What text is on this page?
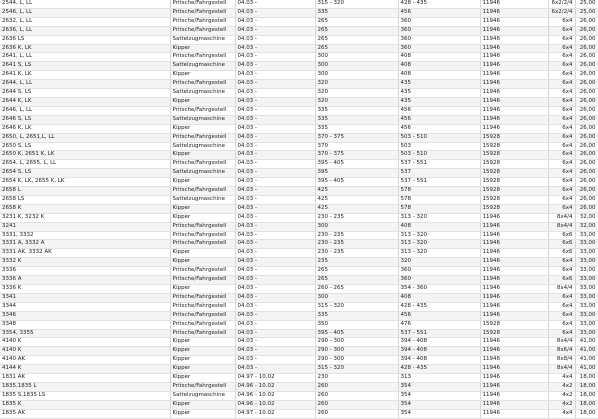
2544, L, LL	Pritsche/Fahrgestell	04.03 -	315 - 320	428 - 435	11946	6x2/2/4	25,00
2546, L, LL	Pritsche/Fahrgestell	04.03 -	335	456	11946	6x2/2/4	25,00
2632, L, LL	Pritsche/Fahrgestell	04.03 -	265	360	11946	6x4	26,00
2636, L, LL	Pritsche/Fahrgestell	04.03 -	265	360	11946	6x4	26,00
2636 LS	Sattelzugmaschine	04.03 -	265	360	11946	6x4	26,00
2636 K, LK	Kipper	04.03 -	265	360	11946	6x4	26,00
2641, L, LL	Pritsche/Fahrgestell	04.03 -	300	408	11946	6x4	26,00
2641 S, LS	Sattelzugmaschine	04.03 -	300	408	11946	6x4	26,00
2641 K, LK	Kipper	04.03 -	300	408	11946	6x4	26,00
2644, L, LL	Pritsche/Fahrgestell	04.03 -	320	435	11946	6x4	26,00
2644 S, LS	Sattelzugmaschine	04.03 -	320	435	11946	6x4	26,00
2644 K, LK	Kipper	04.03 -	320	435	11946	6x4	26,00
2646, L, LL	Pritsche/Fahrgestell	04.03 -	335	456	11946	6x4	26,00
2646 S, LS	Sattelzugmaschine	04.03 -	335	456	11946	6x4	26,00
2646 K, LK	Kipper	04.03 -	335	456	11946	6x4	26,00
2650, L, 2651,L, LL	Pritsche/Fahrgestell	04.03 -	370 - 375	503 - 510	15928	6x4	26,00
2650 S, LS	Sattelzugmaschine	04.03 -	370	503	15928	6x4	26,00
2650 K, 2651 K, LK	Kipper	04.03 -	370 - 375	503 - 510	15928	6x4	26,00
2654, L, 2655, L, LL	Pritsche/Fahrgestell	04.03 -	395 - 405	537 - 551	15928	6x4	26,00
2654 S, LS	Sattelzugmaschine	04.03 -	395	537	15928	6x4	26,00
2654 K, LK, 2655 K, LK	Kipper	04.03 -	395 - 405	537 - 551	15928	6x4	26,00
2658 L	Pritsche/Fahrgestell	04.03 -	425	578	15928	6x4	26,00
2658 LS	Sattelzugmaschine	04.03 -	425	578	15928	6x4	26,00
2658 K	Kipper	04.03 -	425	578	15928	6x4	26,00
3231 K, 3232 K	Kipper	04.03 -	230 - 235	313 - 320	11946	8x4/4	32,00
3241	Pritsche/Fahrgestell	04.03 -	300	408	11946	8x4/4	32,00
3331, 3332	Pritsche/Fahrgestell	04.03 -	230 - 235	313 - 320	11946	6x6	33,00
3331 A, 3332 A	Pritsche/Fahrgestell	04.03 -	230 - 235	313 - 320	11946	6x6	33,00
3331 AK, 3332 AK	Kipper	04.03 -	230 - 235	313 - 320	11946	6x6	33,00
3332 K	Kipper	04.03 -	235	320	11946	6x4	33,00
3336	Pritsche/Fahrgestell	04.03 -	265	360	11946	6x4	33,00
3336 A	Pritsche/Fahrgestell	04.03 -	265	360	11946	6x6	33,00
3336 K	Kipper	04.03 -	260 - 265	354 - 360	11946	8x4/4	33,00
3341	Pritsche/Fahrgestell	04.03 -	300	408	11946	6x4	33,00
3344	Pritsche/Fahrgestell	04.03 -	315 - 320	428 - 435	11946	6x4	33,00
3346	Pritsche/Fahrgestell	04.03 -	335	456	11946	6x4	33,00
3348	Pritsche/Fahrgestell	04.03 -	350	476	15928	6x4	33,00
3354, 3355	Pritsche/Fahrgestell	04.03 -	395 - 405	537 - 551	15928	6x4	33,00
4140 K	Kipper	04.03 -	290 - 300	394 - 408	11946	8x4/4	41,00
4140 K	Kipper	04.03 -	290 - 300	394 - 408	11946	8x6/4	41,00
4140 AK	Kipper	04.03 -	290 - 300	394 - 408	11946	8x8/4	41,00
4144 K	Kipper	04.03 -	315 - 320	428 - 435	11946	8x4/4	41,00
1831 AK	Kipper	04.97 - 10.02	230	313	11946	4x4	18,00
1835,1835 L	Pritsche/Fahrgestell	04.96 - 10.02	260	354	11946	4x2	18,00
1835 S,1835 LS	Sattelzugmaschine	04.96 - 10.02	260	354	11946	4x2	18,00
1835 K	Kipper	04.96 - 10.02	260	354	11946	4x2	18,00
1835 AK	Kipper	04.97 - 10.02	260	354	11946	4x4	18,00
